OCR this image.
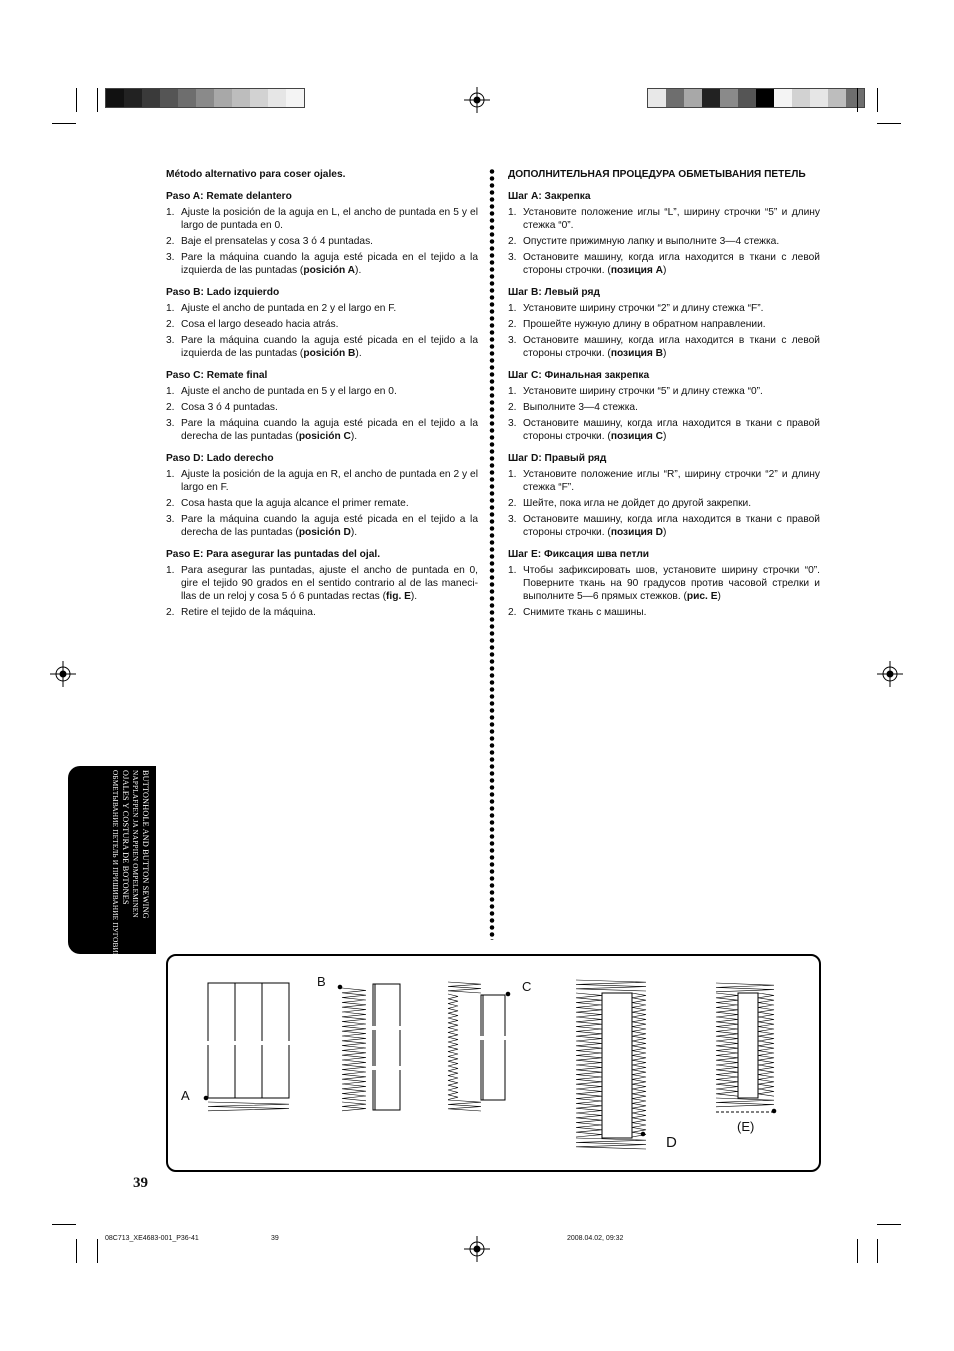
Método alternativo para coser ojales.
Paso A: Remate delantero
1. Ajuste la posición de la aguja en L, el ancho de puntada en 5 y el largo de puntada en 0.
2. Baje el prensatelas y cosa 3 ó 4 puntadas.
3. Pare la máquina cuando la aguja esté picada en el tejido a la izquierda de las puntadas (posición A).
Paso B: Lado izquierdo
1. Ajuste el ancho de puntada en 2 y el largo en F.
2. Cosa el largo deseado hacia atrás.
3. Pare la máquina cuando la aguja esté picada en el tejido a la izquierda de las puntadas (posición B).
Paso C: Remate final
1. Ajuste el ancho de puntada en 5 y el largo en 0.
2. Cosa 3 ó 4 puntadas.
3. Pare la máquina cuando la aguja esté picada en el tejido a la derecha de las puntadas (posición C).
Paso D: Lado derecho
1. Ajuste la posición de la aguja en R, el ancho de puntada en 2 y el largo en F.
2. Cosa hasta que la aguja alcance el primer remate.
3. Pare la máquina cuando la aguja esté picada en el tejido a la derecha de las puntadas (posición D).
Paso E: Para asegurar las puntadas del ojal.
1. Para asegurar las puntadas, ajuste el ancho de puntada en 0, gire el tejido 90 grados en el sentido contrario al de las maneci-llas de un reloj y cosa 5 ó 6 puntadas rectas (fig. E).
2. Retire el tejido de la máquina.
ДОПОЛНИТЕЛЬНАЯ ПРОЦЕДУРА ОБМЕТЫВАНИЯ ПЕТЕЛЬ
Шаг А: Закрепка
1. Установите положение иглы “L”, ширину строчки “5” и длину стежка “0”.
2. Опустите прижимную лапку и выполните 3—4 стежка.
3. Остановите машину, когда игла находится в ткани с левой стороны строчки. (позиция A)
Шаг В: Левый ряд
1. Установите ширину строчки “2” и длину стежка “F”.
2. Прошейте нужную длину в обратном направлении.
3. Остановите машину, когда игла находится в ткани с левой стороны строчки. (позиция B)
Шаг С: Финальная закрепка
1. Установите ширину строчки “5” и длину стежка “0”.
2. Выполните 3—4 стежка.
3. Остановите машину, когда игла находится в ткани с правой стороны строчки. (позиция C)
Шаг D: Правый ряд
1. Установите положение иглы “R”, ширину строчки “2” и длину стежка “F”.
2. Шейте, пока игла не дойдет до другой закрепки.
3. Остановите машину, когда игла находится в ткани с правой стороны строчки. (позиция D)
Шаг E: Фиксация шва петли
1. Чтобы зафиксировать шов, установите ширину строчки “0”. Поверните ткань на 90 градусов против часовой стрелки и выполните 5—6 прямых стежков. (рис. E)
2. Снимите ткань с машины.
BUTTONHOLE AND BUTTON SEWING
NAPPLAFPEN JA NAPPIEN OMPELEMINEN
OJALES Y COSTURA DE BOTONES
ОБМЕТЫВАНИЕ ПЕТЕЛЬ И ПРИШИВАНИЕ ПУГОВИЦ
A
B	C
D
(E)
39
08C713_XE4683-001_P36-41	39	2008.04.02, 09:32
